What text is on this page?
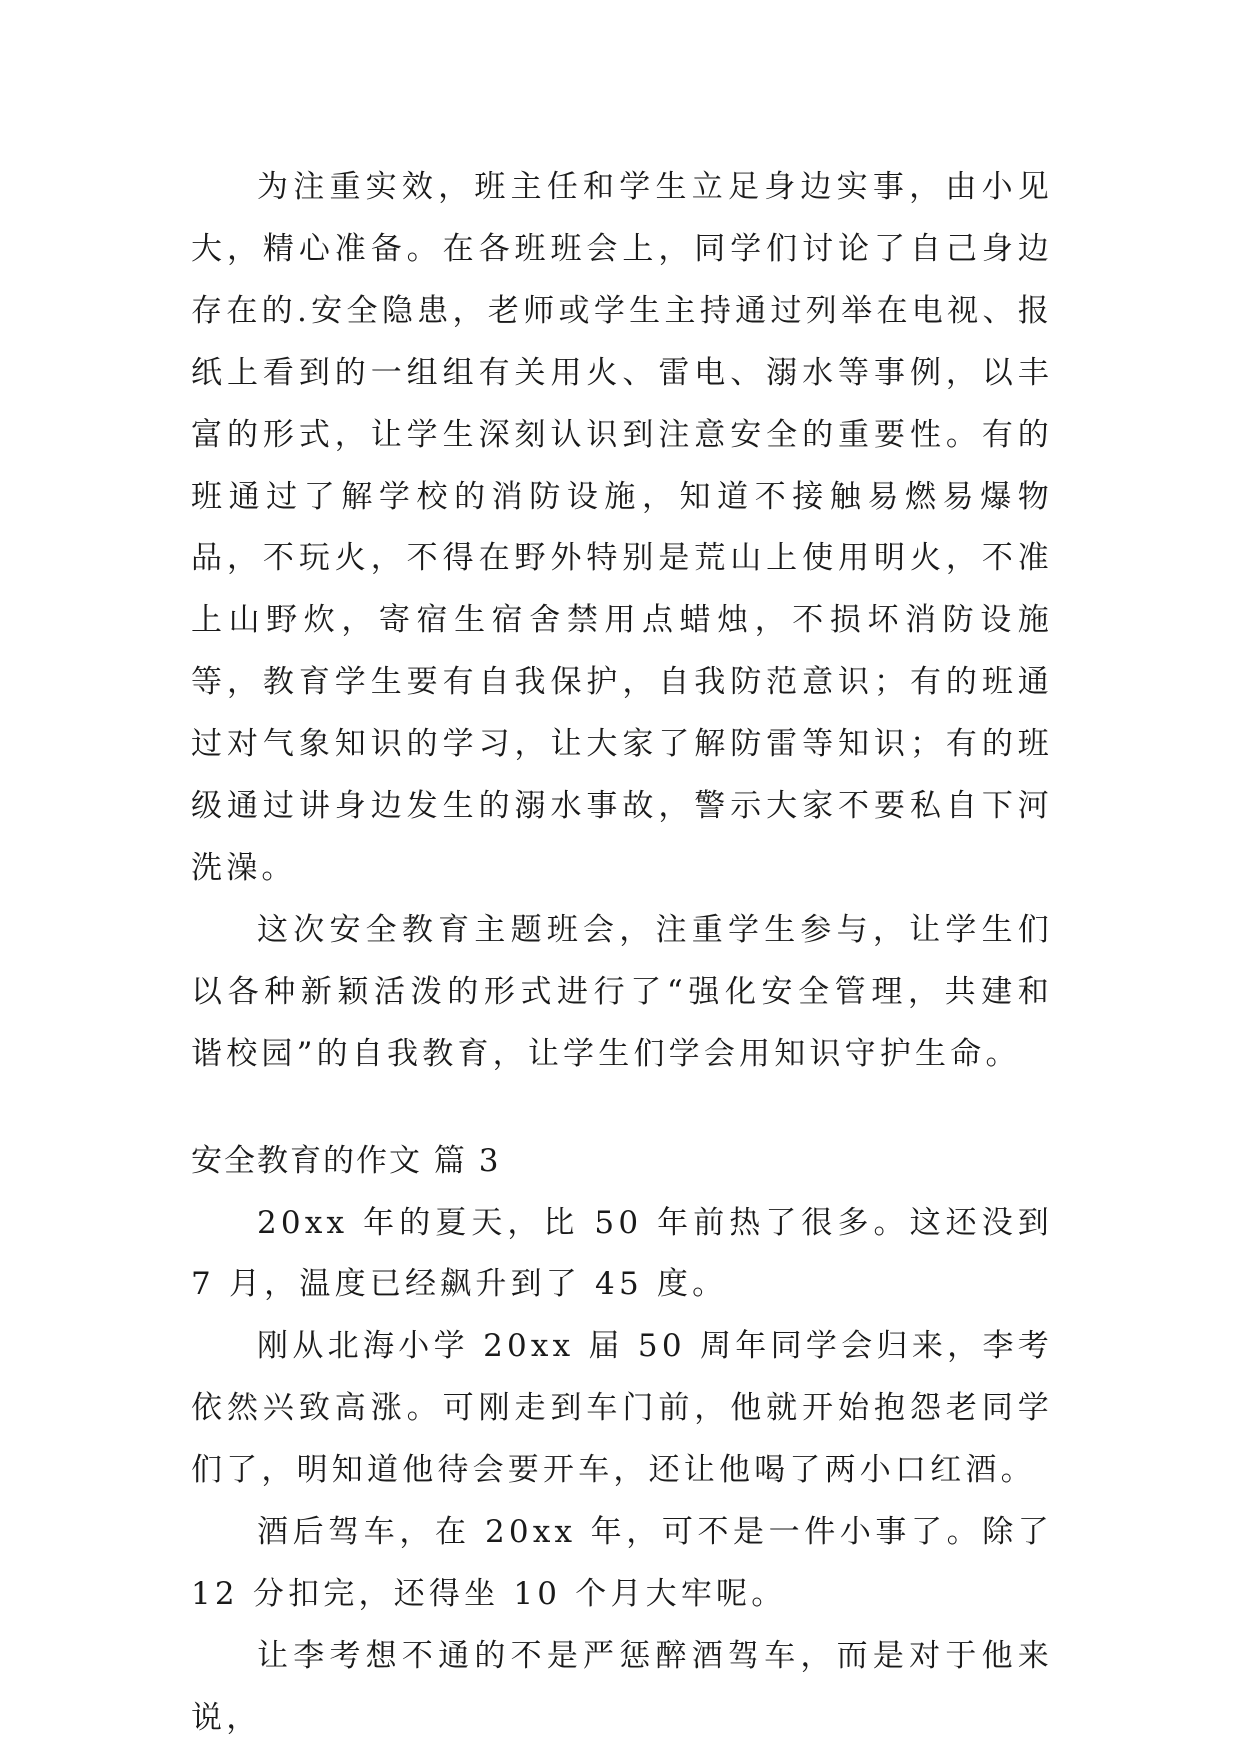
为注重实效，班主任和学生立足身边实事，由小见大，精心准备。在各班班会上，同学们讨论了自己身边存在的.安全隐患，老师或学生主持通过列举在电视、报纸上看到的一组组有关用火、雷电、溺水等事例，以丰富的形式，让学生深刻认识到注意安全的重要性。有的班通过了解学校的消防设施，知道不接触易燃易爆物品，不玩火，不得在野外特别是荒山上使用明火，不准上山野炊，寄宿生宿舍禁用点蜡烛，不损坏消防设施等，教育学生要有自我保护，自我防范意识；有的班通过对气象知识的学习，让大家了解防雷等知识；有的班级通过讲身边发生的溺水事故，警示大家不要私自下河洗澡。

这次安全教育主题班会，注重学生参与，让学生们以各种新颖活泼的形式进行了“强化安全管理，共建和谐校园”的自我教育，让学生们学会用知识守护生命。

安全教育的作文 篇 3

20xx 年的夏天，比 50 年前热了很多。这还没到 7 月，温度已经飙升到了 45 度。

刚从北海小学 20xx 届 50 周年同学会归来，李考依然兴致高涨。可刚走到车门前，他就开始抱怨老同学们了，明知道他待会要开车，还让他喝了两小口红酒。

酒后驾车，在 20xx 年，可不是一件小事了。除了 12 分扣完，还得坐 10 个月大牢呢。

让李考想不通的不是严惩醉酒驾车，而是对于他来说，
